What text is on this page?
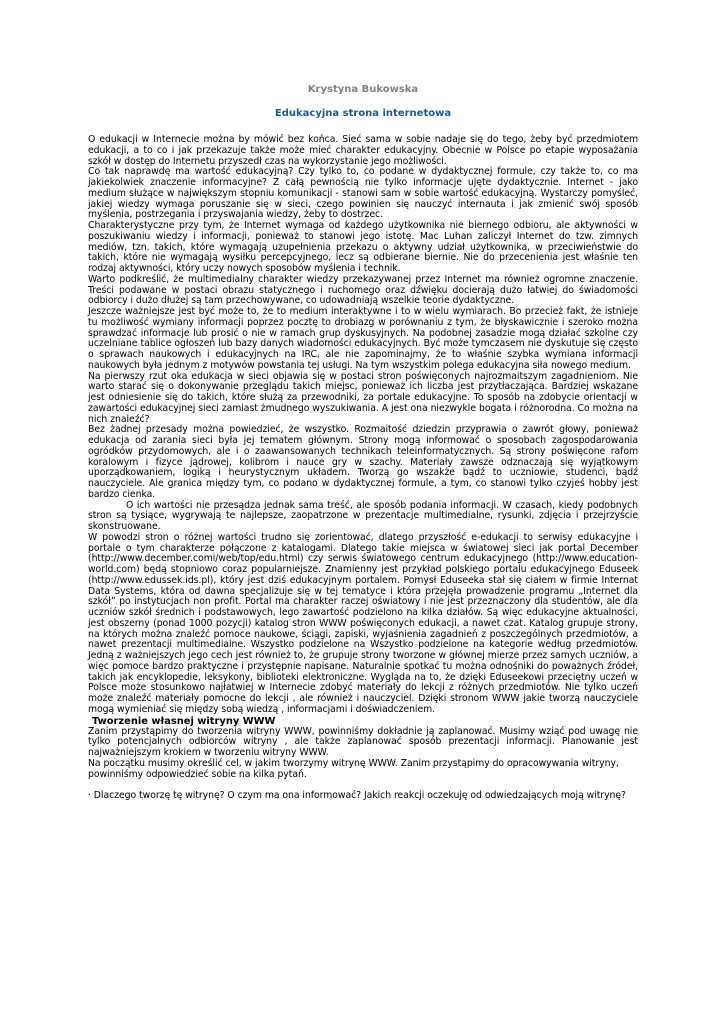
Krystyna Bukowska
Edukacyjna strona internetowa

O edukacji w Internecie można by mówić bez końca. Sieć sama w sobie nadaje się do tego, żeby być przedmiotem edukacji, a to co i jak przekazuje także może mieć charakter edukacyjny. Obecnie w Polsce po etapie wyposażania szkół w dostęp do Internetu przyszedł czas na wykorzystanie jego możliwości.

Co tak naprawdę ma wartość edukacyjną? Czy tylko to, co podane w dydaktycznej formule, czy także to, co ma jakiekolwiek znaczenie informacyjne? Z całą pewnością nie tylko informacje ujęte dydaktycznie. Internet - jako medium służące w największym stopniu komunikacji - stanowi sam w sobie wartość edukacyjną. Wystarczy pomyśleć, jakiej wiedzy wymaga poruszanie się w sieci, czego powinien się nauczyć internauta i jak zmienić swój sposób myślenia, postrzegania i przyswajania wiedzy, żeby to dostrzec.

Charakterystyczne przy tym, że Internet wymaga od każdego użytkownika nie biernego odbioru, ale aktywności w poszukiwaniu wiedzy i informacji, ponieważ to stanowi jego istotę. Mac Luhan zaliczył Internet do tzw. zimnych mediów, tzn. takich, które wymagają uzupełnienia przekazu o aktywny udział użytkownika, w przeciwieństwie do takich, które nie wymagają wysiłku percepcyjnego, lecz są odbierane biernie. Nie do przecenienia jest właśnie ten rodzaj aktywności, który uczy nowych sposobów myślenia i technik.

Warto podkreślić, że multimedialny charakter wiedzy przekazywanej przez Internet ma również ogromne znaczenie. Treści podawane w postaci obrazu statycznego i ruchomego oraz dźwięku docierają dużo łatwiej do świadomości odbiorcy i dużo dłużej są tam przechowywane, co udowadniają wszelkie teorie dydaktyczne.

Jeszcze ważniejsze jest być może to, że to medium interaktywne i to w wielu wymiarach. Bo przecież fakt, że istnieje tu możliwość wymiany informacji poprzez pocztę to drobiazg w porównaniu z tym, że błyskawicznie i szeroko można sprawdzać informacje lub prosić o nie w ramach grup dyskusyjnych. Na podobnej zasadzie mogą działać szkolne czy uczelniane tablice ogłoszeń lub bazy danych wiadomości edukacyjnych. Być może tymczasem nie dyskutuje się często o sprawach naukowych i edukacyjnych na IRC, ale nie zapominajmy, że to właśnie szybka wymiana informacji naukowych była jednym z motywów powstania tej usługi. Na tym wszystkim polega edukacyjna siła nowego medium.

Na pierwszy rzut oka edukacja w sieci objawia się w postaci stron poświęconych najrozmaitszym zagadnieniom. Nie warto starać się o dokonywanie przeglądu takich miejsc, ponieważ ich liczba jest przytłaczająca. Bardziej wskazane jest odniesienie się do takich, które służą za przewodniki, za portale edukacyjne. To sposób na zdobycie orientacji w zawartości edukacyjnej sieci zamiast żmudnego wyszukiwania. A jest ona niezwykle bogata i różnorodna. Co można na nich znaleźć?

Bez żadnej przesady można powiedzieć, że wszystko. Rozmaitość dziedzin przyprawia o zawrót głowy, ponieważ edukacja od zarania sieci była jej tematem głównym. Strony mogą informować o sposobach zagospodarowania ogródków przydomowych, ale i o zaawansowanych technikach teleinformatycznych. Są strony poświęcone rafom koralowym i fizyce jądrowej, kolibrom i nauce gry w szachy. Materiały zawsze odznaczają się wyjątkowym uporządkowaniem, logiką i heurystycznym układem. Tworzą go wszakże bądź to uczniowie, studenci, bądź nauczyciele. Ale granica między tym, co podano w dydaktycznej formule, a tym, co stanowi tylko czyjeś hobby jest bardzo cienka.

O ich wartości nie przesądza jednak sama treść, ale sposób podania informacji. W czasach, kiedy podobnych stron są tysiące, wygrywają te najlepsze, zaopatrzone w prezentacje multimedialne, rysunki, zdjęcia i przejrzyście skonstruowane.

W powodzi stron o różnej wartości trudno się zorientować, dlatego przyszłość e-edukacji to serwisy edukacyjne i portale o tym charakterze połączone z katalogami. Dlatego takie miejsca w światowej sieci jak portal December (http://www.december.comi/web/top/edu.html) czy serwis światowego centrum edukacyjnego (http://www.education-world.com) będą stopniowo coraz popularniejsze. Znamienny jest przykład polskiego portalu edukacyjnego Eduseek (http://www.edussek.ids.pl), który jest dziś edukacyjnym portalem. Pomysł Eduseeka stał się ciałem w firmie Internat Data Systems, która od dawna specjalizuje się w tej tematyce i która przejęła prowadzenie programu „Internet dla szkół” po instytucjach non profit. Portal ma charakter raczej oświatowy i nie jest przeznaczony dla studentów, ale dla uczniów szkół średnich i podstawowych, lego zawartość podzielono na kilka działów. Są więc edukacyjne aktualności, jest obszerny (ponad 1000 pozycji) katalog stron WWW poświęconych edukacji, a nawet czat. Katalog grupuje strony, na których można znaleźć pomoce naukowe, ściągi, zapiski, wyjaśnienia zagadnień z poszczególnych przedmiotów, a nawet prezentacji multimedialne. Wszystko podzielone na Wszystko podzielone na kategorie według przedmiotów. Jedną z ważniejszych jego cech jest również to, że grupuje strony tworzone w głównej mierze przez samych uczniów, a więc pomoce bardzo praktyczne i przystępnie napisane. Naturalnie spotkać tu można odnośniki do poważnych źródeł, takich jak encyklopedie, leksykony, biblioteki elektroniczne. Wygląda na to, że dzięki Eduseekowi przeciętny uczeń w Polsce może stosunkowo najłatwiej w Internecie zdobyć materiały do lekcji z różnych przedmiotów. Nie tylko uczeń może znaleźć materiały pomocne do lekcji , ale również i nauczyciel. Dzięki stronom WWW jakie tworzą nauczyciele mogą wymieniać się między sobą wiedzą , informacjami i doświadczeniem.

Tworzenie własnej witryny WWW

Zanim przystąpimy do tworzenia witryny WWW, powinniśmy dokładnie ją zaplanować. Musimy wziąć pod uwagę nie tylko potencjalnych odbiorców witryny , ale także zaplanować sposób prezentacji informacji. Planowanie jest najważniejszym krokiem w tworzeniu witryny WWW.

Na początku musimy określić cel, w jakim tworzymy witrynę WWW. Zanim przystąpimy do opracowywania witryny, powinniśmy odpowiedzieć sobie na kilka pytań.

· Dlaczego tworzę tę witrynę? O czym ma ona informować? Jakich reakcji oczekuję od odwiedzających moją witrynę?
